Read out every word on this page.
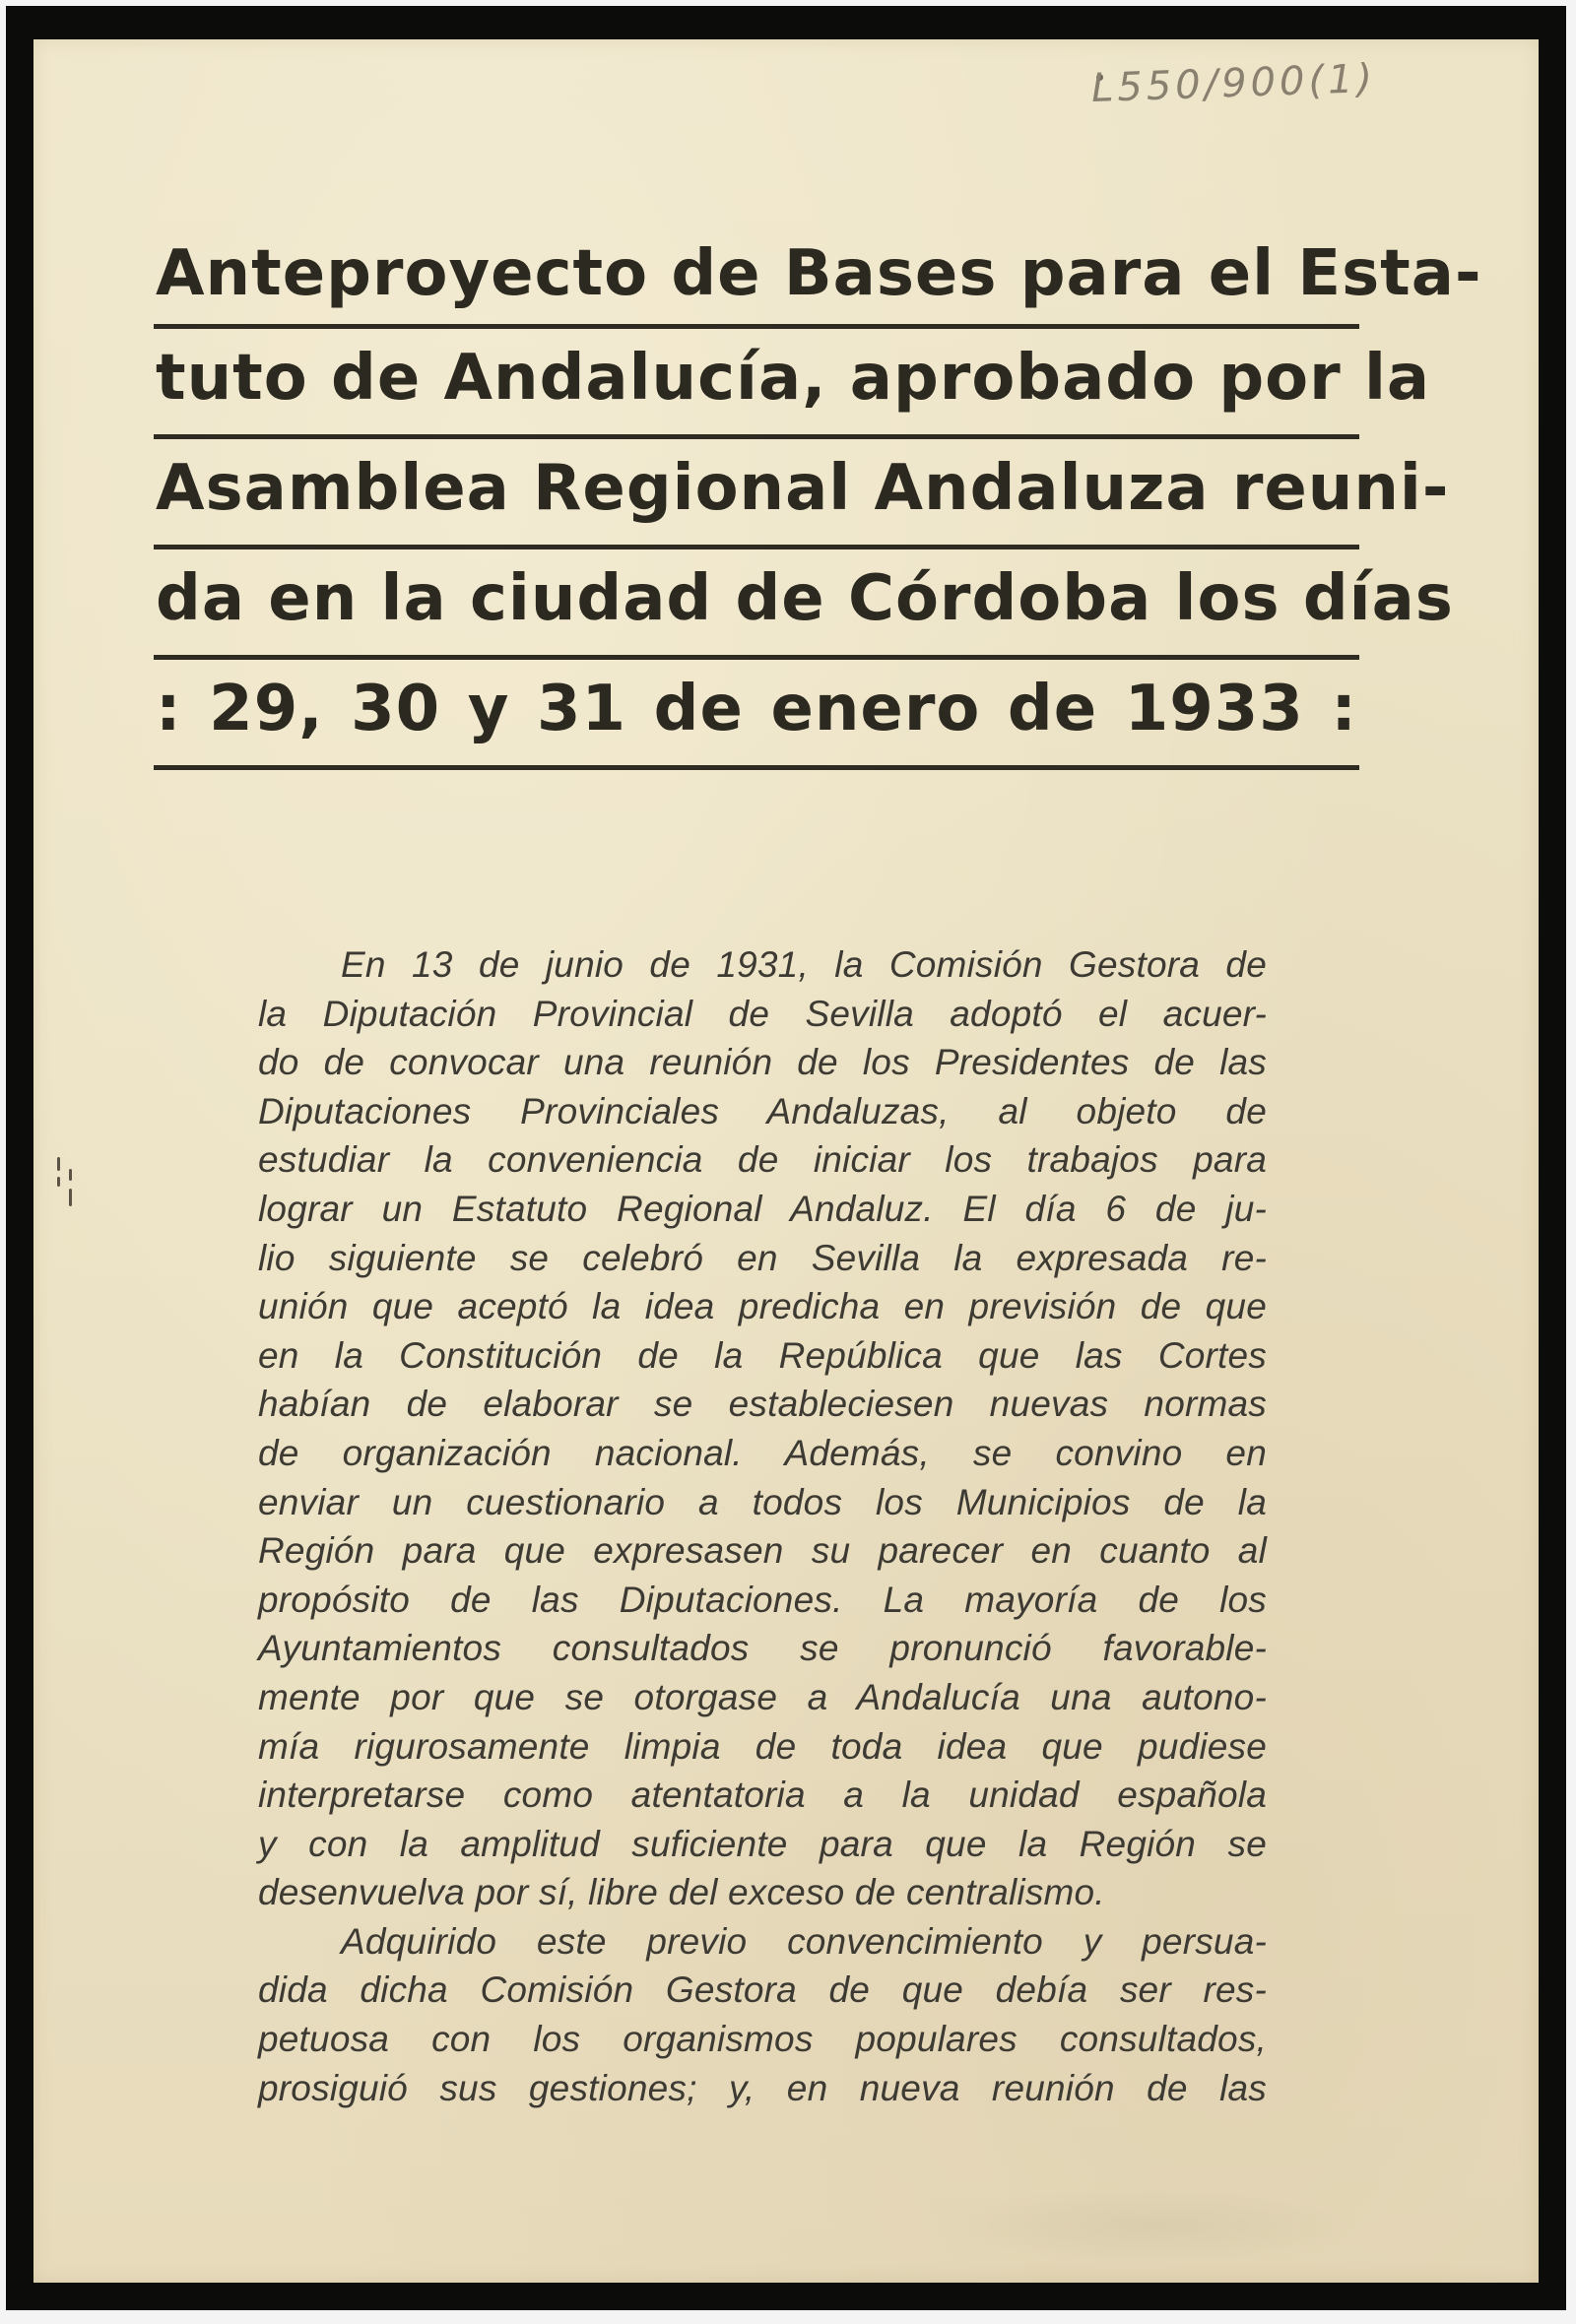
L550/900(1)
Anteproyecto de Bases para el Esta-
tuto de Andalucía, aprobado por la
Asamblea Regional Andaluza reuni-
da en la ciudad de Córdoba los días
: 29, 30 y 31 de enero de 1933 :
En 13 de junio de 1931, la Comisión Gestora de
la Diputación Provincial de Sevilla adoptó el acuer-
do de convocar una reunión de los Presidentes de las
Diputaciones Provinciales Andaluzas, al objeto de
estudiar la conveniencia de iniciar los trabajos para
lograr un Estatuto Regional Andaluz. El día 6 de ju-
lio siguiente se celebró en Sevilla la expresada re-
unión que aceptó la idea predicha en previsión de que
en la Constitución de la República que las Cortes
habían de elaborar se estableciesen nuevas normas
de organización nacional. Además, se convino en
enviar un cuestionario a todos los Municipios de la
Región para que expresasen su parecer en cuanto al
propósito de las Diputaciones. La mayoría de los
Ayuntamientos consultados se pronunció favorable-
mente por que se otorgase a Andalucía una autono-
mía rigurosamente limpia de toda idea que pudiese
interpretarse como atentatoria a la unidad española
y con la amplitud suficiente para que la Región se
desenvuelva por sí, libre del exceso de centralismo.
Adquirido este previo convencimiento y persua-
dida dicha Comisión Gestora de que debía ser res-
petuosa con los organismos populares consultados,
prosiguió sus gestiones; y, en nueva reunión de las
